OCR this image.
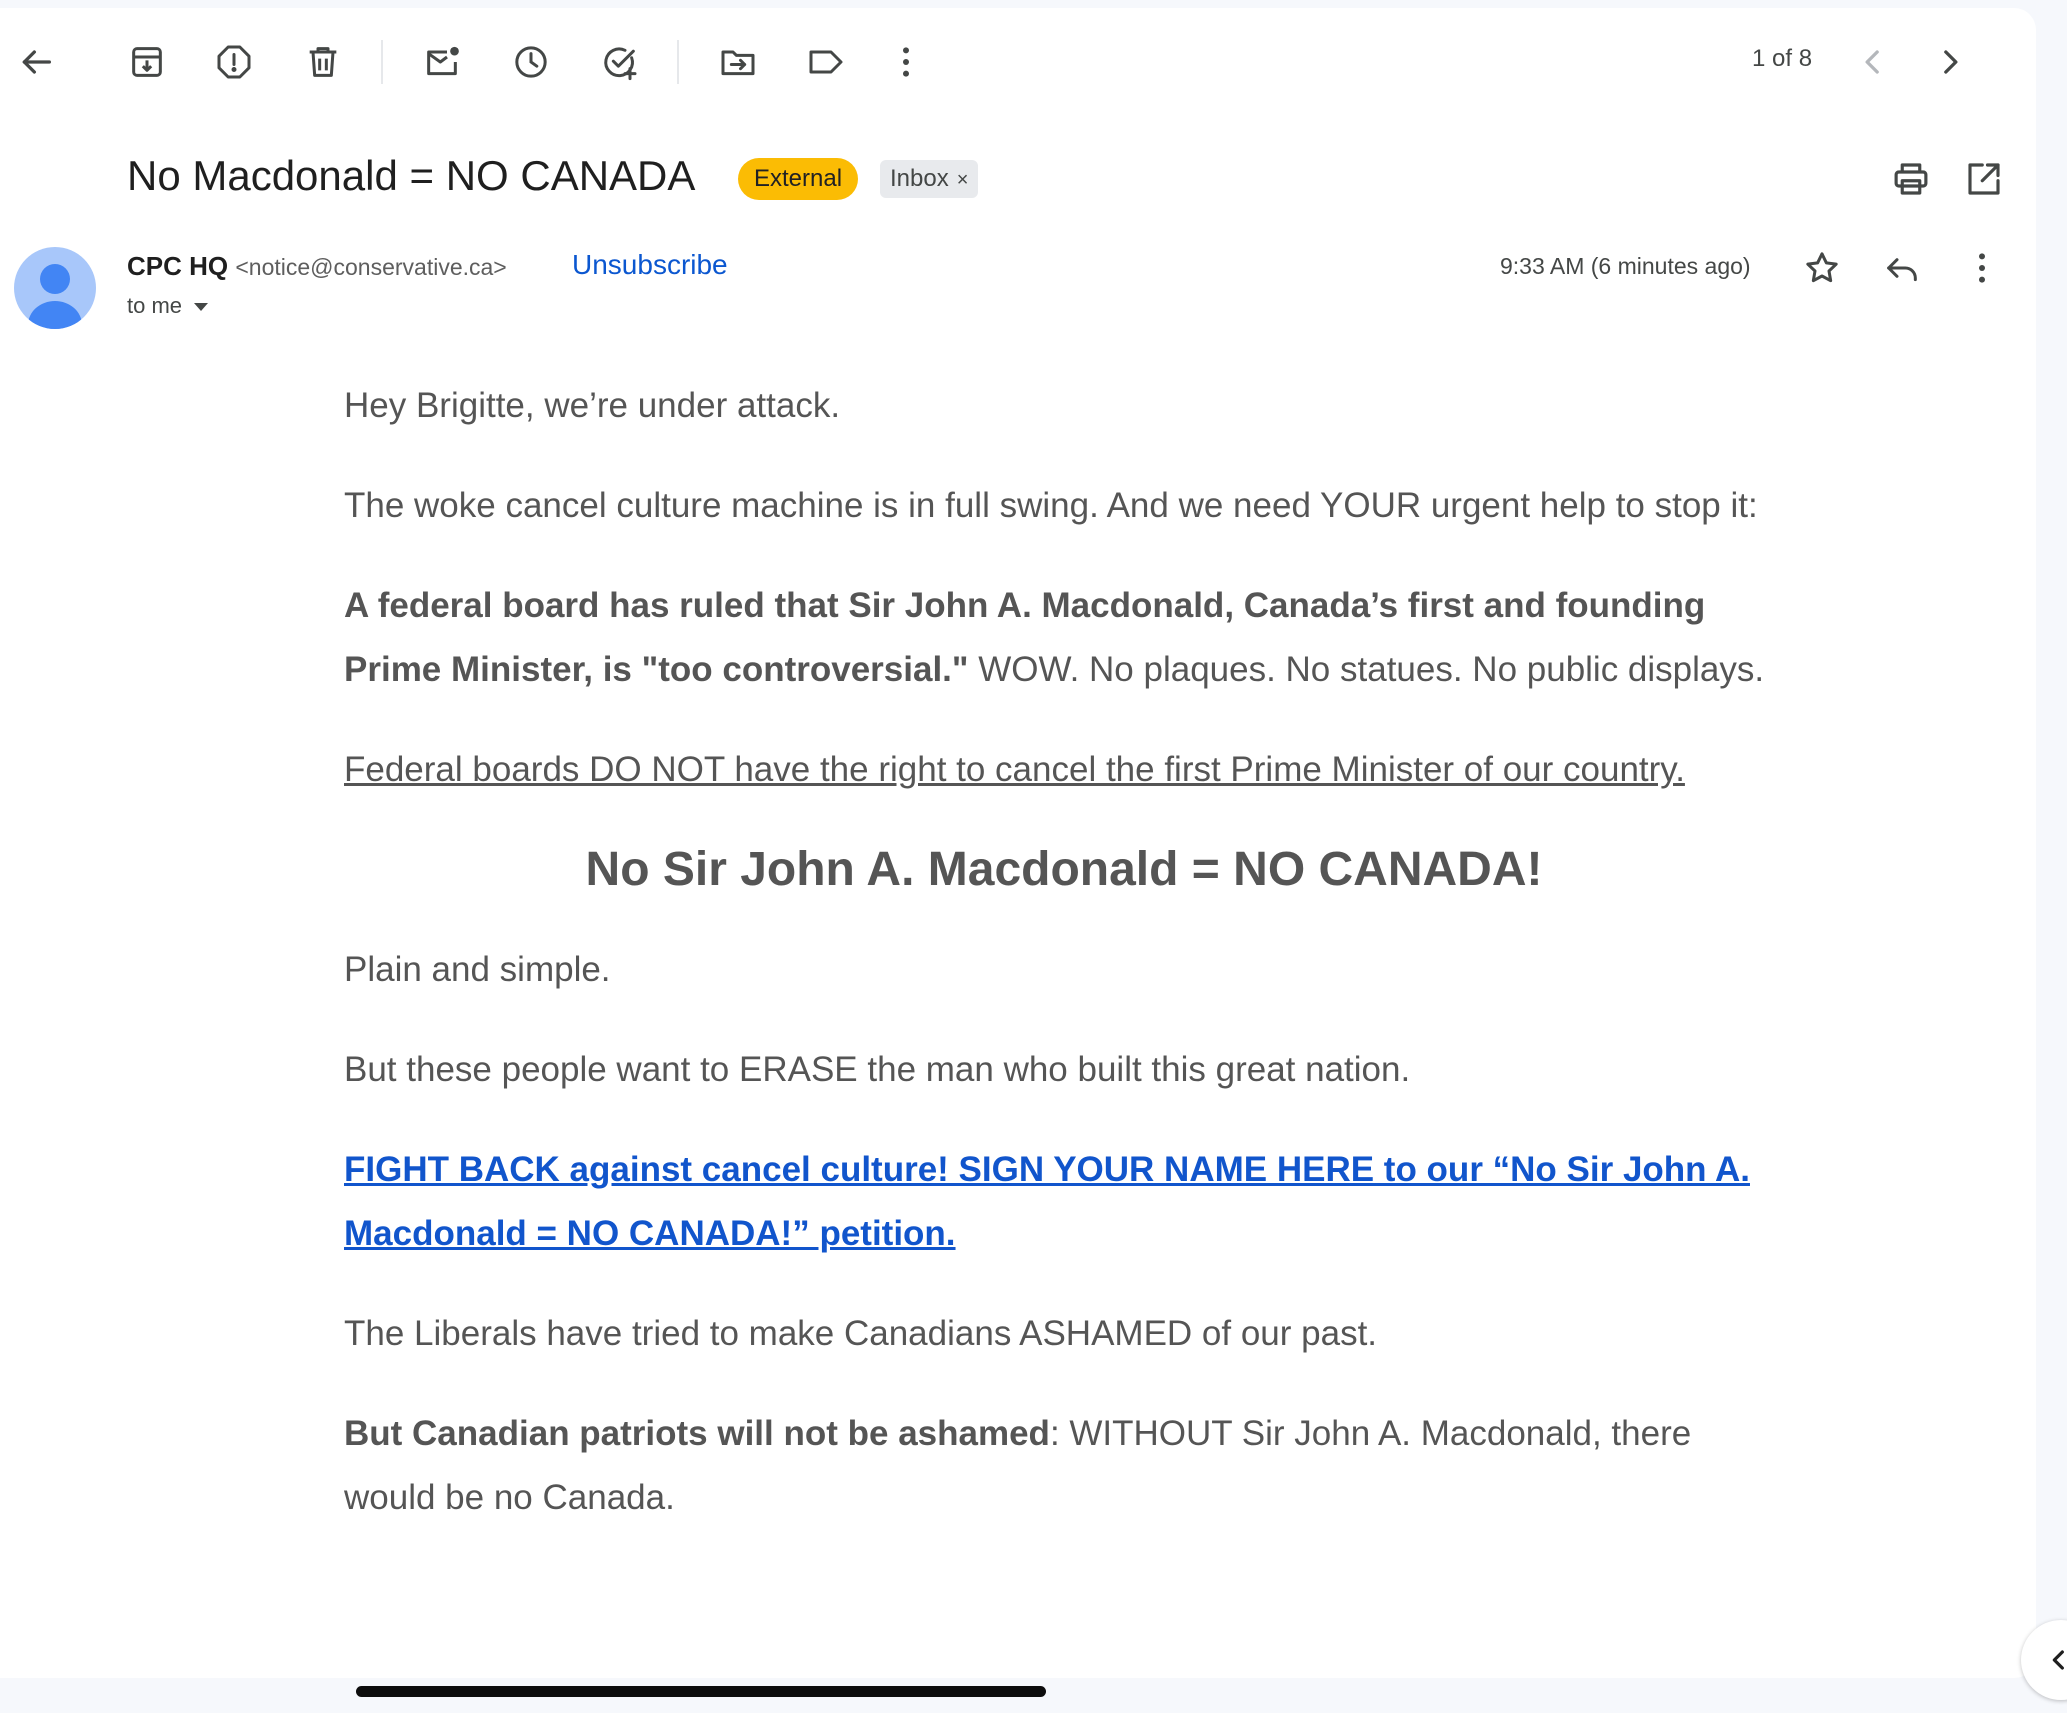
1 of 8
No Macdonald = NO CANADA	External	Inbox ×
CPC HQ <notice@conservative.ca> Unsubscribe
to me
9:33 AM (6 minutes ago)

Hey Brigitte, we’re under attack.

The woke cancel culture machine is in full swing. And we need YOUR urgent help to stop it:

A federal board has ruled that Sir John A. Macdonald, Canada’s first and founding Prime Minister, is "too controversial." WOW. No plaques. No statues. No public displays.

Federal boards DO NOT have the right to cancel the first Prime Minister of our country.

No Sir John A. Macdonald = NO CANADA!

Plain and simple.

But these people want to ERASE the man who built this great nation.

FIGHT BACK against cancel culture! SIGN YOUR NAME HERE to our “No Sir John A. Macdonald = NO CANADA!” petition.

The Liberals have tried to make Canadians ASHAMED of our past.

But Canadian patriots will not be ashamed: WITHOUT Sir John A. Macdonald, there would be no Canada.
